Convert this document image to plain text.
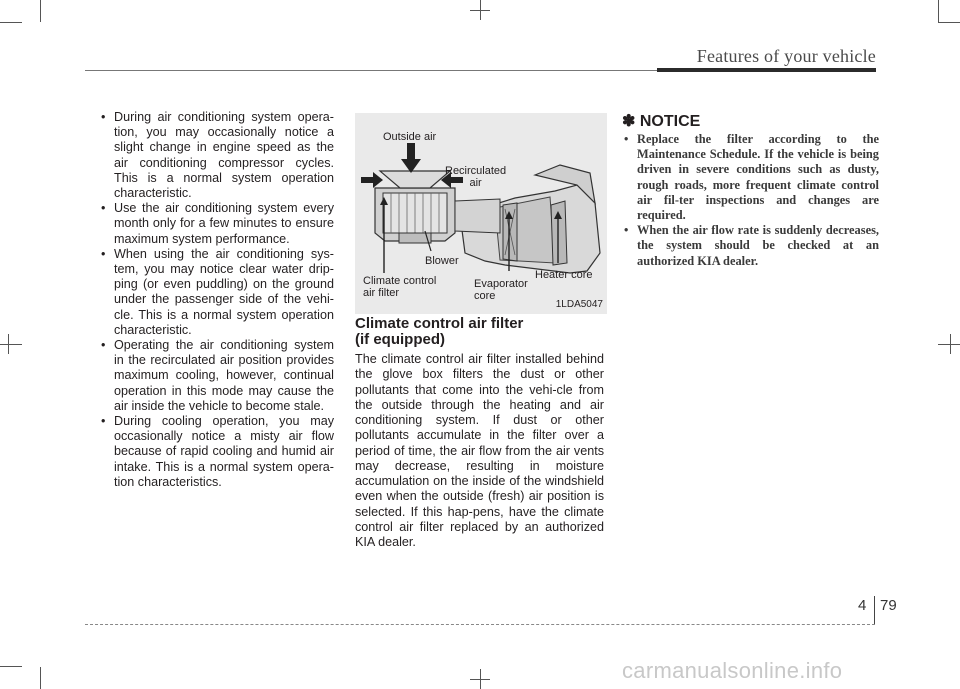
Features of your vehicle
• During air conditioning system opera-tion, you may occasionally notice a slight change in engine speed as the air conditioning compressor cycles. This is a normal system operation characteristic.
• Use the air conditioning system every month only for a few minutes to ensure maximum system performance.
• When using the air conditioning sys-tem, you may notice clear water drip-ping (or even puddling) on the ground under the passenger side of the vehi-cle. This is a normal system operation characteristic.
• Operating the air conditioning system in the recirculated air position provides maximum cooling, however, continual operation in this mode may cause the air inside the vehicle to become stale.
• During cooling operation, you may occasionally notice a misty air flow because of rapid cooling and humid air intake. This is a normal system opera-tion characteristics.
Outside air
Recirculated
air
Blower
Climate control
air filter
Evaporator
core
Heater core
1LDA5047
Climate control air filter
(if equipped)
The climate control air filter installed behind the glove box filters the dust or other pollutants that come into the vehi-cle from the outside through the heating and air conditioning system. If dust or other pollutants accumulate in the filter over a period of time, the air flow from the air vents may decrease, resulting in moisture accumulation on the inside of the windshield even when the outside (fresh) air position is selected. If this hap-pens, have the climate control air filter replaced by an authorized KIA dealer.
✽ NOTICE
• Replace the filter according to the Maintenance Schedule. If the vehicle is being driven in severe conditions such as dusty, rough roads, more frequent climate control air fil-ter inspections and changes are required.
• When the air flow rate is suddenly decreases, the system should be checked at an authorized KIA dealer.
4 79
carmanualsonline.info
